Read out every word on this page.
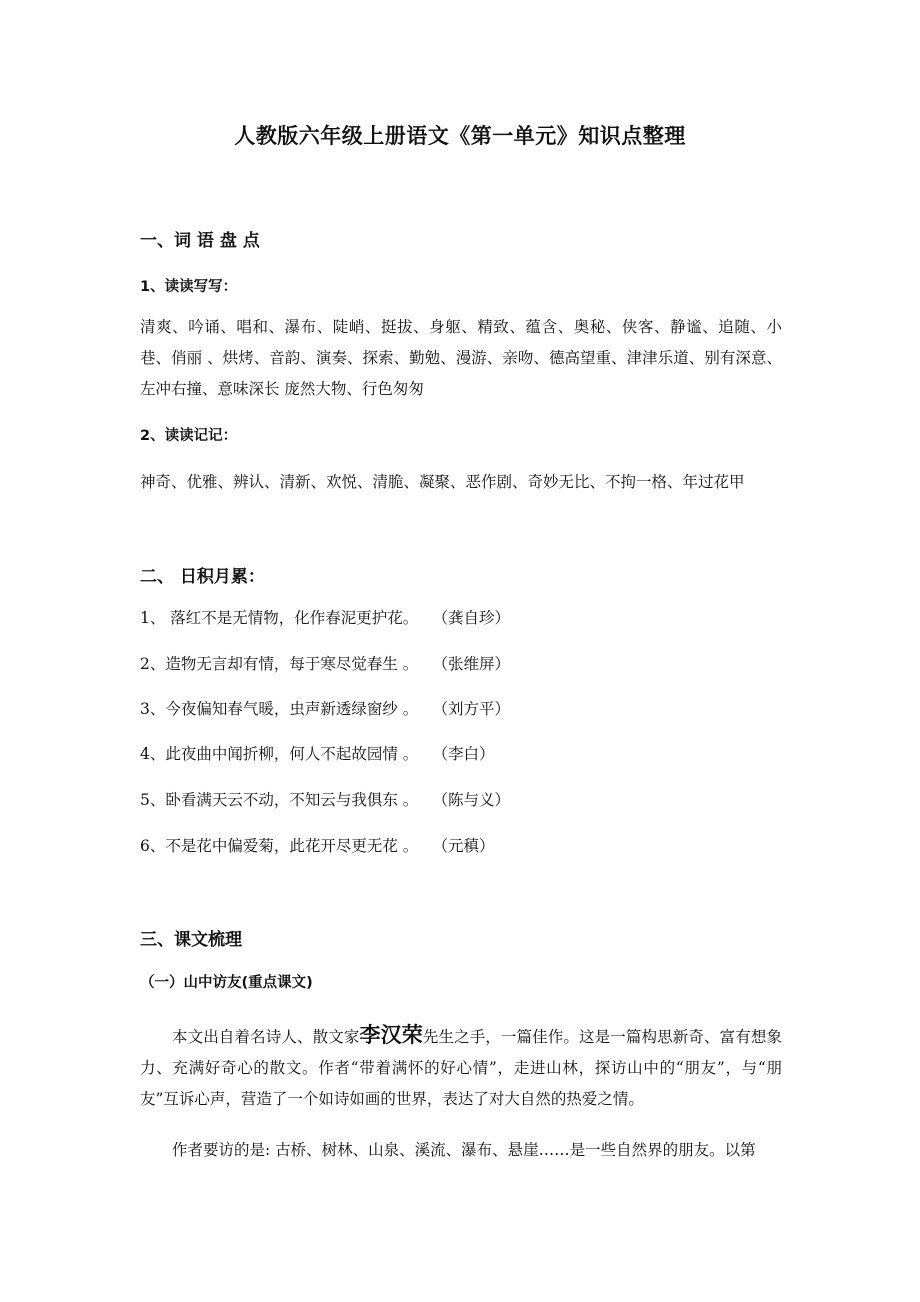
人教版六年级上册语文《第一单元》知识点整理
一、词 语 盘 点
1、读读写写：
清爽、吟诵、唱和、瀑布、陡峭、挺拔、身躯、精致、蕴含、奥秘、侠客、静谧、追随、小巷、俏丽 、烘烤、音韵、演奏、探索、勤勉、漫游、亲吻、德高望重、津津乐道、别有深意、左冲右撞、意味深长 庞然大物、行色匆匆
2、读读记记：
神奇、优雅、辨认、清新、欢悦、清脆、凝聚、恶作剧、奇妙无比、不拘一格、年过花甲
二、 日积月累：
1、 落红不是无情物，化作春泥更护花。 （龚自珍）
2、造物无言却有情，每于寒尽觉春生 。 （张维屏）
3、今夜偏知春气暖，虫声新透绿窗纱 。 （刘方平）
4、此夜曲中闻折柳，何人不起故园情 。 （李白）
5、卧看满天云不动，不知云与我俱东 。 （陈与义）
6、不是花中偏爱菊，此花开尽更无花 。 （元稹）
三、课文梳理
（一）山中访友(重点课文)
本文出自着名诗人、散文家李汉荣先生之手，一篇佳作。这是一篇构思新奇、富有想象力、充满好奇心的散文。作者“带着满怀的好心情”，走进山林，探访山中的“朋友”，与“朋友”互诉心声，营造了一个如诗如画的世界，表达了对大自然的热爱之情。
作者要访的是: 古桥、树林、山泉、溪流、瀑布、悬崖……是一些自然界的朋友。以第
